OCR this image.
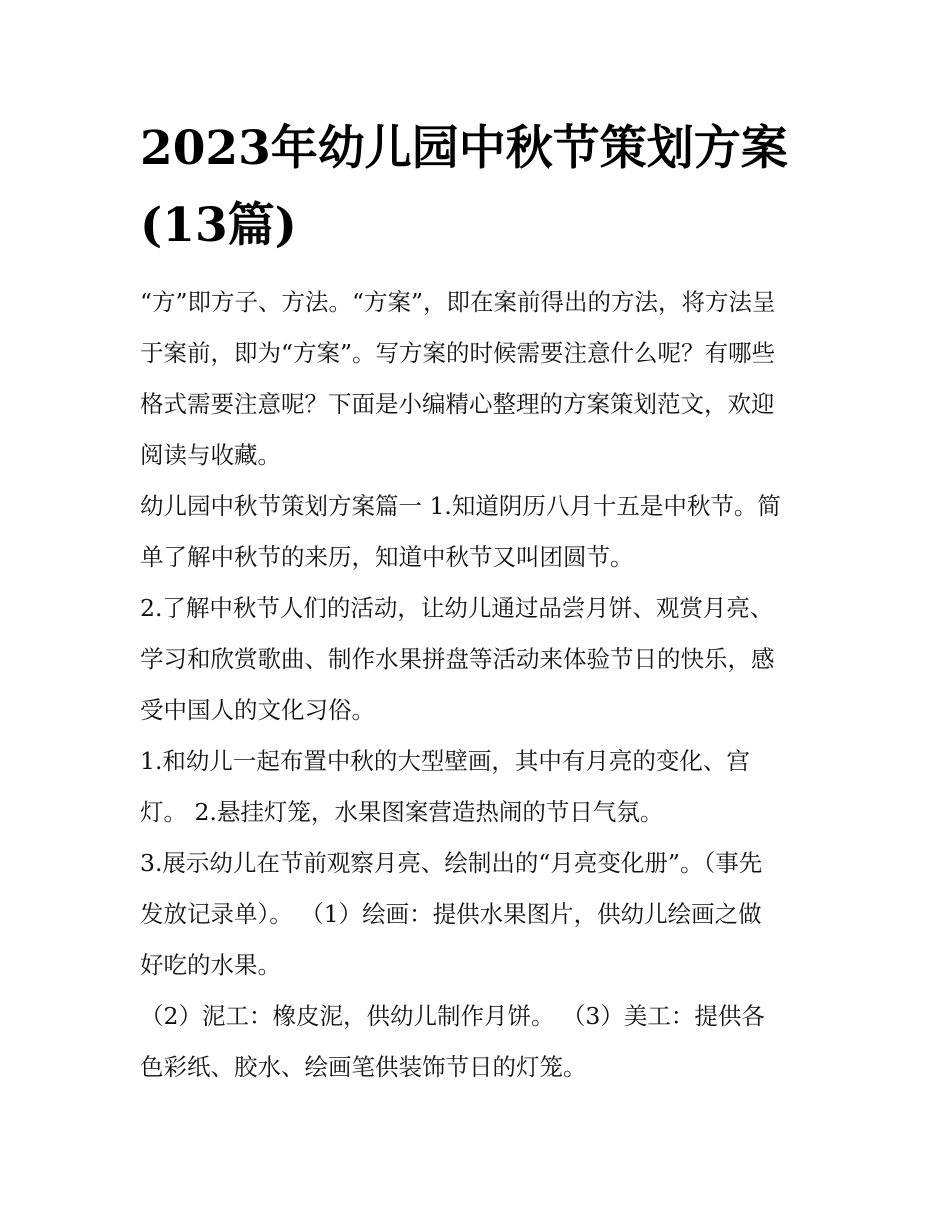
2023年幼儿园中秋节策划方案
(13篇)

“方”即方子、方法。“方案”，即在案前得出的方法，将方法呈
于案前，即为“方案”。写方案的时候需要注意什么呢？有哪些
格式需要注意呢？下面是小编精心整理的方案策划范文，欢迎
阅读与收藏。

幼儿园中秋节策划方案篇一 1.知道阴历八月十五是中秋节。简
单了解中秋节的来历，知道中秋节又叫团圆节。

2.了解中秋节人们的活动，让幼儿通过品尝月饼、观赏月亮、
学习和欣赏歌曲、制作水果拼盘等活动来体验节日的快乐，感
受中国人的文化习俗。

1.和幼儿一起布置中秋的大型壁画，其中有月亮的变化、宫
灯。 2.悬挂灯笼，水果图案营造热闹的节日气氛。

3.展示幼儿在节前观察月亮、绘制出的“月亮变化册”。（事先
发放记录单）。 （1）绘画：提供水果图片，供幼儿绘画之做
好吃的水果。

（2）泥工：橡皮泥，供幼儿制作月饼。 （3）美工：提供各
色彩纸、胶水、绘画笔供装饰节日的灯笼。
